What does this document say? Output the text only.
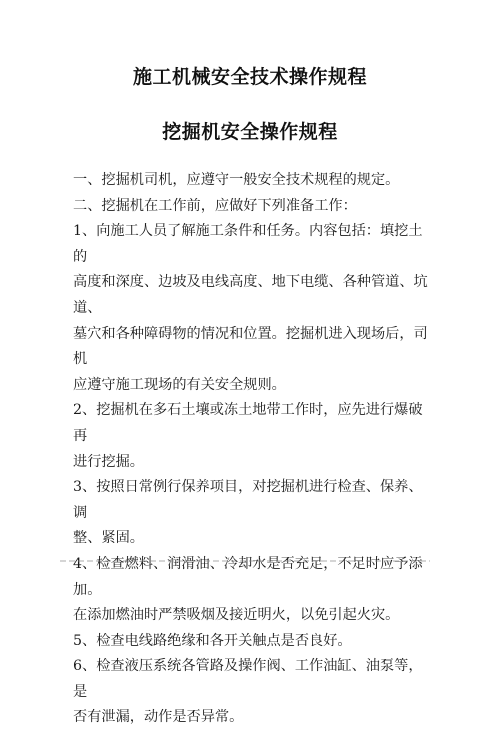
施工机械安全技术操作规程
挖掘机安全操作规程

一、挖掘机司机，应遵守一般安全技术规程的规定。

二、挖掘机在工作前，应做好下列准备工作：

1、向施工人员了解施工条件和任务。内容包括：填挖土的

高度和深度、边坡及电线高度、地下电缆、各种管道、坑道、

墓穴和各种障碍物的情况和位置。挖掘机进入现场后，司机

应遵守施工现场的有关安全规则。

2、挖掘机在多石土壤或冻土地带工作时，应先进行爆破再

进行挖掘。

3、按照日常例行保养项目，对挖掘机进行检查、保养、调

整、紧固。

4、检查燃料、润滑油、冷却水是否充足，不足时应予添加。

在添加燃油时严禁吸烟及接近明火，以免引起火灾。

5、检查电线路绝缘和各开关触点是否良好。

6、检查液压系统各管路及操作阀、工作油缸、油泵等，是

否有泄漏，动作是否异常。
